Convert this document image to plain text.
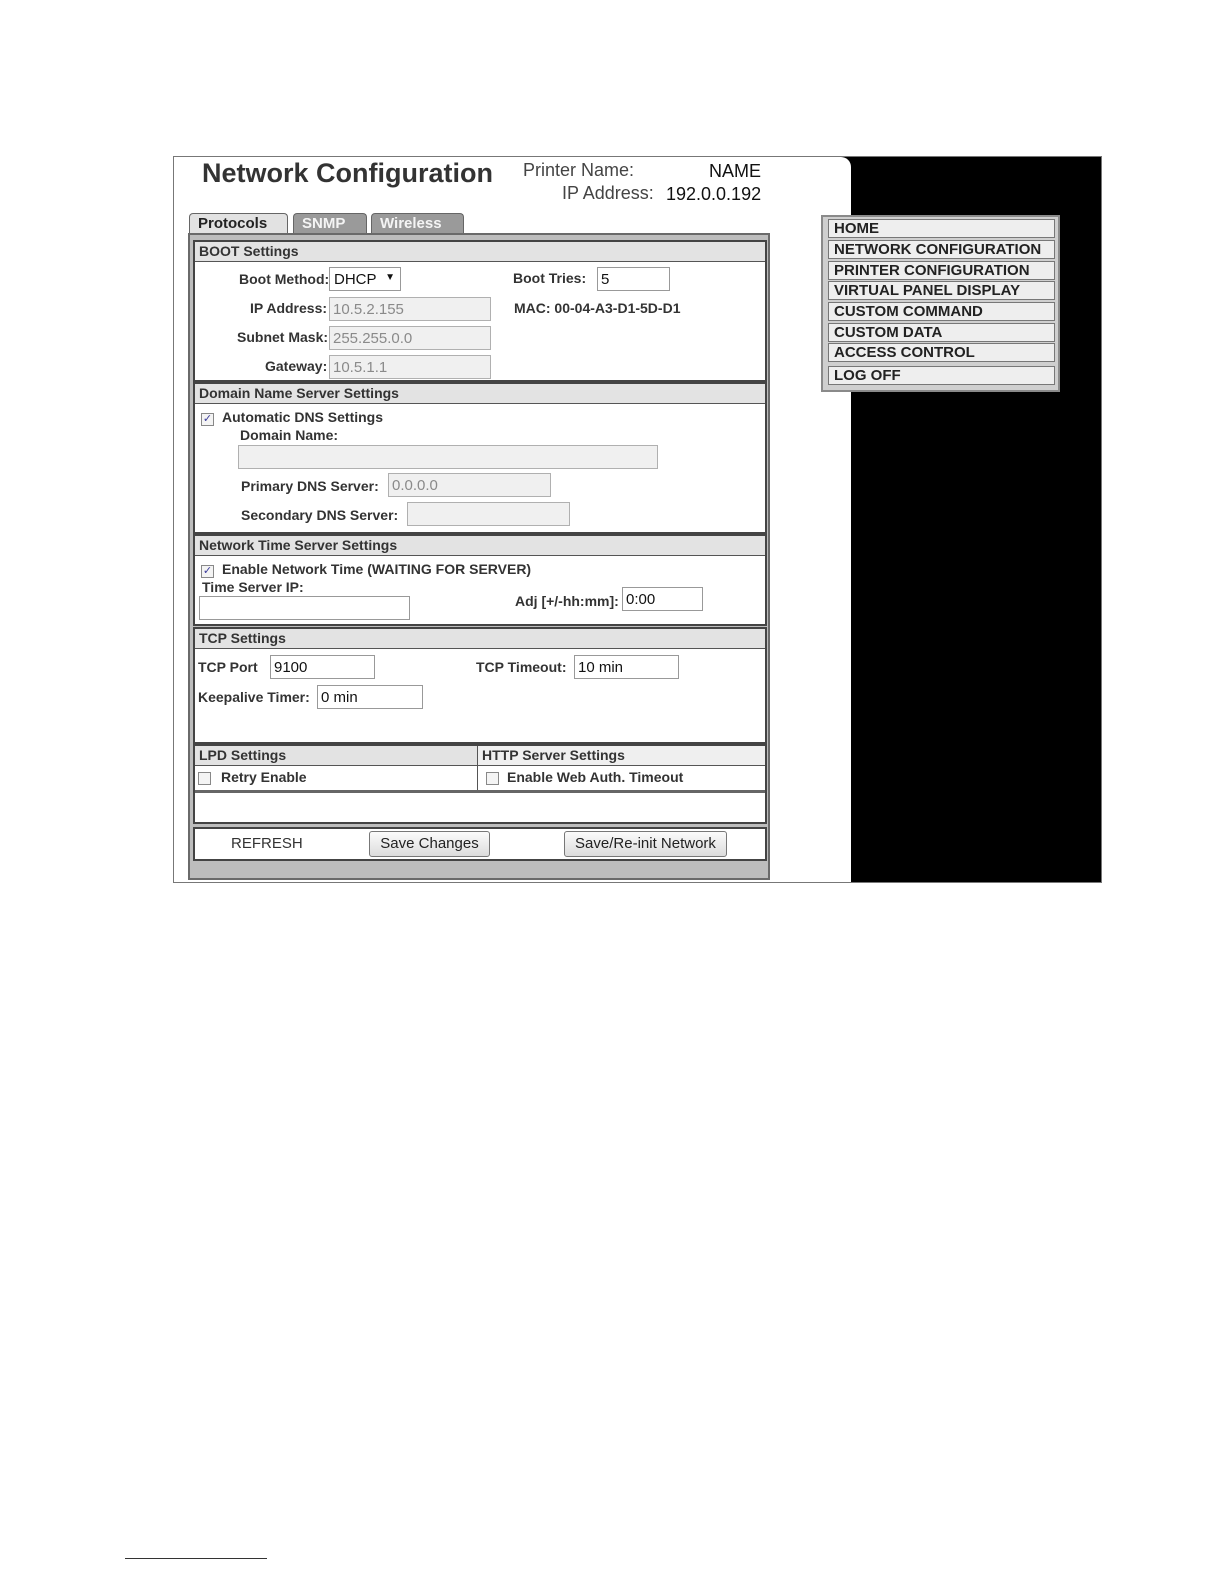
Network Configuration Printer Name:	NAME
IP Address: 192.0.0.192
Protocols	SNMP	Wireless
BOOT Settings
Boot Method: DHCP ▼	Boot Tries: 5
IP Address: 10.5.2.155	MAC: 00-04-A3-D1-5D-D1
Subnet Mask: 255.255.0.0
Gateway: 10.5.1.1
Domain Name Server Settings
✓ Automatic DNS Settings
Domain Name:
Primary DNS Server: 0.0.0.0
Secondary DNS Server:
Network Time Server Settings
✓ Enable Network Time (WAITING FOR SERVER)
Time Server IP:
Adj [+/-hh:mm]: 0:00
TCP Settings
TCP Port 9100	TCP Timeout: 10 min
Keepalive Timer: 0 min
LPD Settings	HTTP Server Settings
Retry Enable	Enable Web Auth. Timeout
REFRESH	Save Changes	Save/Re-init Network
HOME
NETWORK CONFIGURATION
PRINTER CONFIGURATION
VIRTUAL PANEL DISPLAY
CUSTOM COMMAND
CUSTOM DATA
ACCESS CONTROL
LOG OFF
